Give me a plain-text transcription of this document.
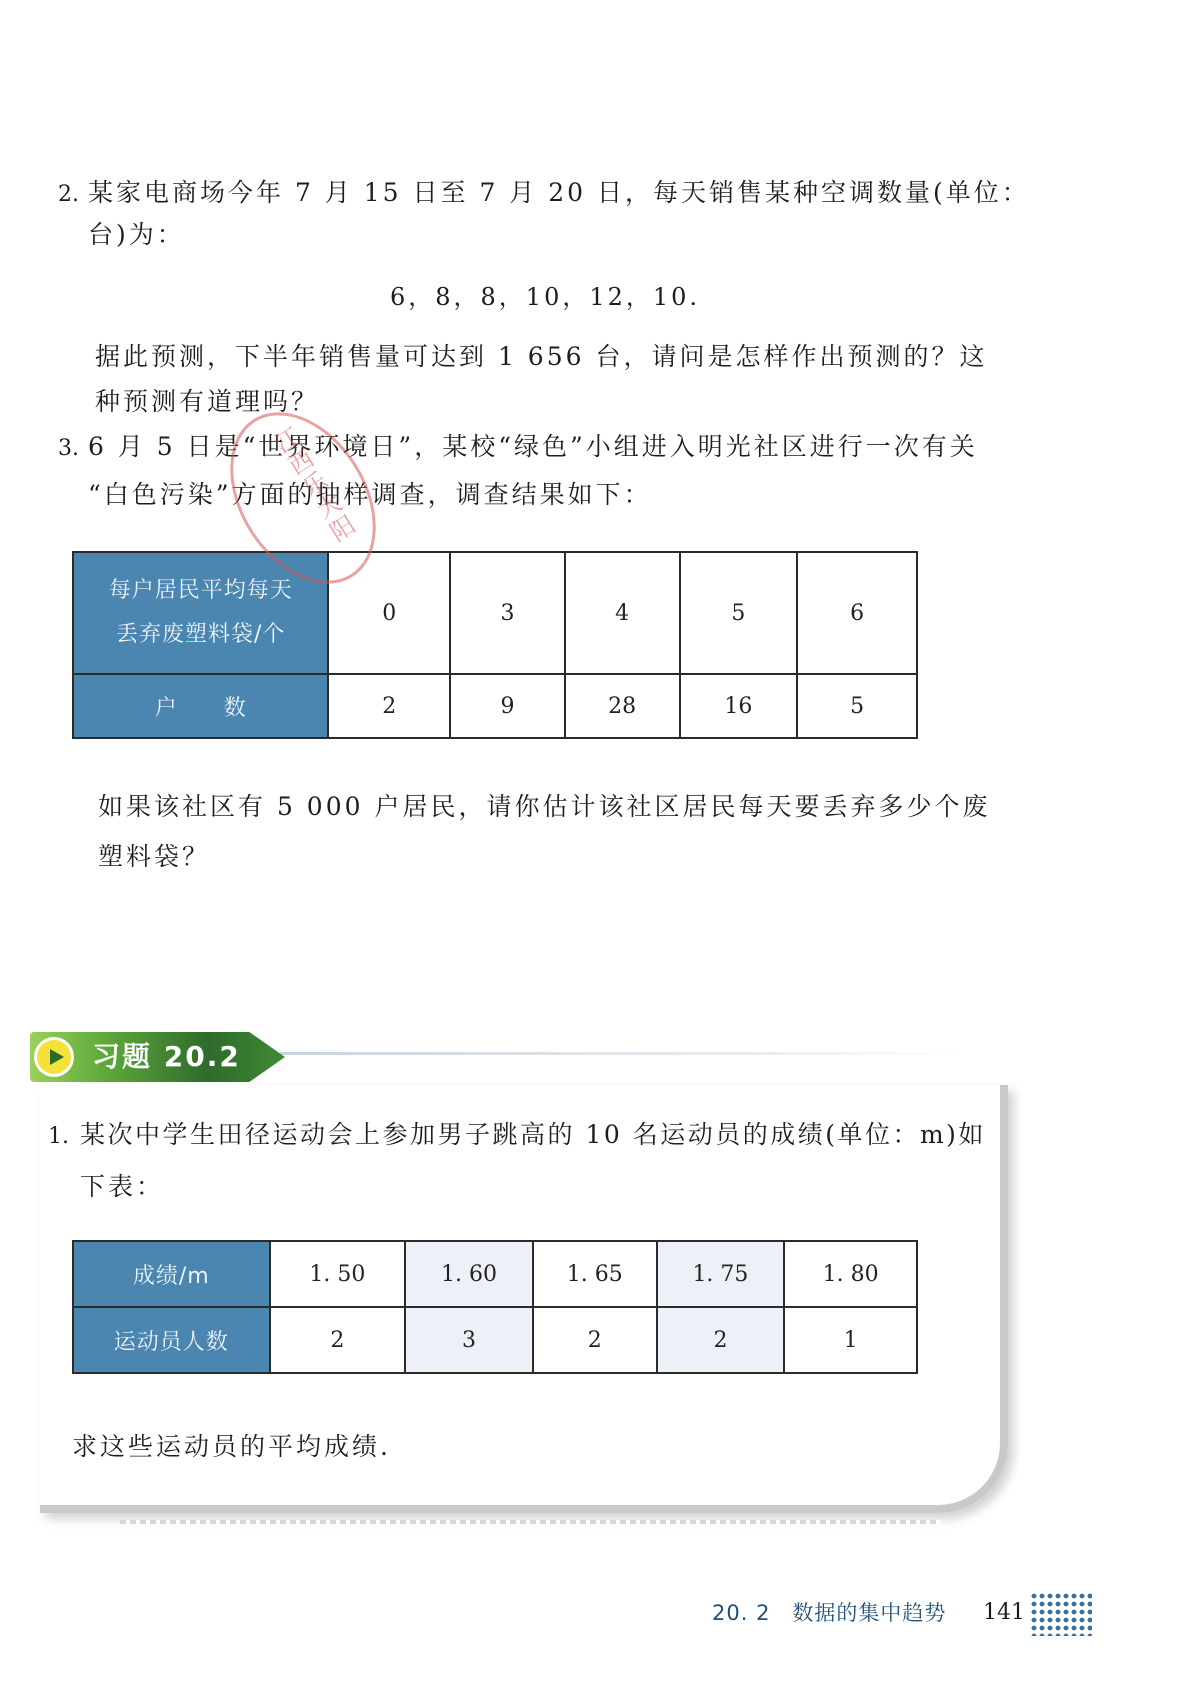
2. 某家电商场今年 7 月 15 日至 7 月 20 日，每天销售某种空调数量(单位：
台)为：
6，8，8，10，12，10.
据此预测，下半年销售量可达到 1 656 台，请问是怎样作出预测的？这
种预测有道理吗？
3. 6 月 5 日是“世界环境日”，某校“绿色”小组进入明光社区进行一次有关
“白色污染”方面的抽样调查，调查结果如下：
每户居民平均每天
丢弃废塑料袋/个	0	3	4	5	6
户　　数	2	9	28	16	5
如果该社区有 5 000 户居民，请你估计该社区居民每天要丢弃多少个废
塑料袋？
江西乐大阳
习题 20.2
1. 某次中学生田径运动会上参加男子跳高的 10 名运动员的成绩(单位：m)如
下表：
成绩/m	1. 50	1. 60	1. 65	1. 75	1. 80
运动员人数	2	3	2	2	1
求这些运动员的平均成绩.
20. 2　数据的集中趋势 141
